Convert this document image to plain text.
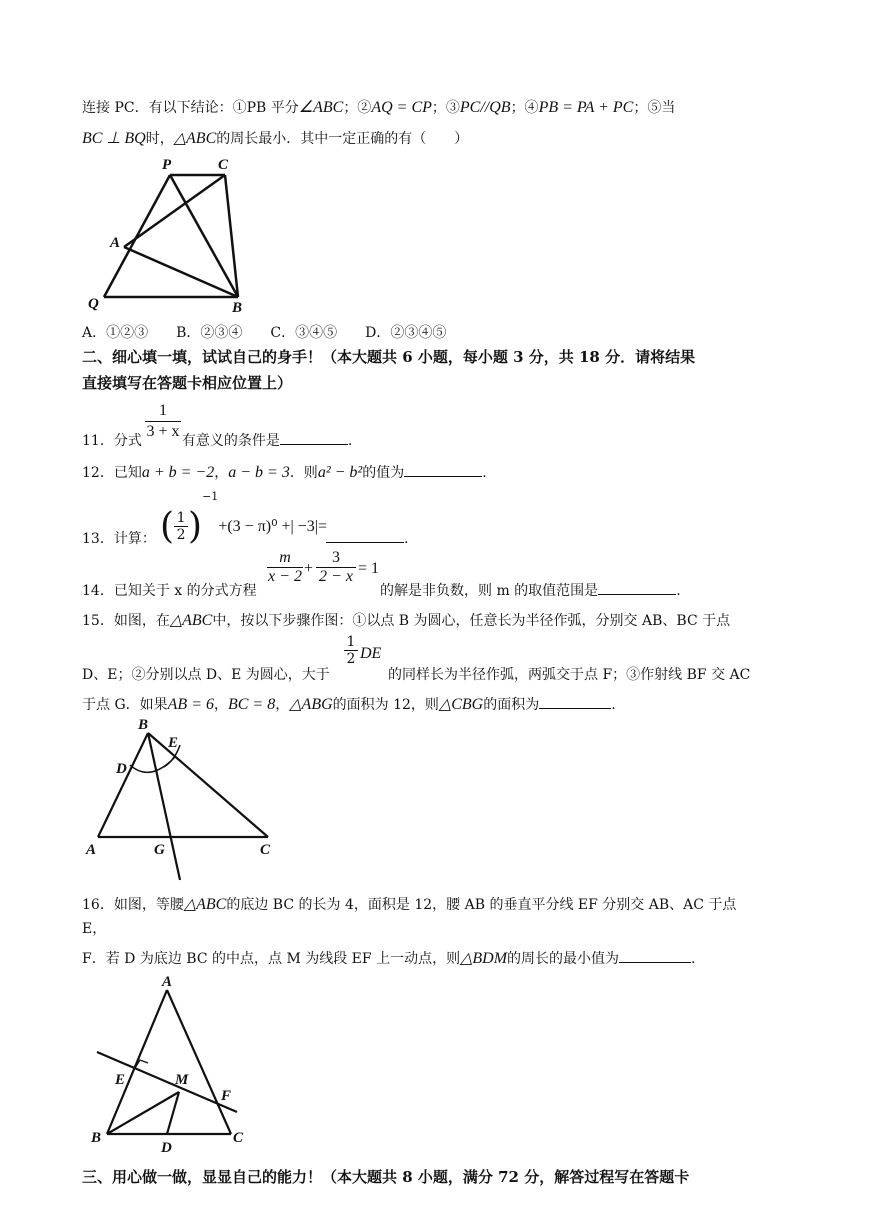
连接 PC．有以下结论：①PB 平分∠ABC；②AQ = CP；③PC//QB；④PB = PA + PC；⑤当
BC ⊥ BQ时，△ABC的周长最小．其中一定正确的有（　　）
P	C
A
Q	B
A．①②③　　B．②③④　　C．③④⑤　　D．②③④⑤
二、细心填一填，试试自己的身手！（本大题共 6 小题，每小题 3 分，共 18 分．请将结果
直接填写在答题卡相应位置上）
1
3 + x
11．分式	有意义的条件是	.
12．已知a + b = −2，a − b = 3．则a² − b²的值为	.
( $\frac{1}{2} )^{-1}+(3 - \pi)^0$ +| −3|=
13．计算：	.
m
x − 2 +
3
2 − x = 1
14．已知关于 x 的分式方程	的解是非负数，则 m 的取值范围是	.
15．如图，在△ABC中，按以下步骤作图：①以点 B 为圆心，任意长为半径作弧，分别交 AB、BC 于点
$\frac{1}{2}$ DE
D、E；②分别以点 D、E 为圆心，大于	的同样长为半径作弧，两弧交于点 F；③作射线 BF 交 AC
于点 G．如果AB = 6，BC = 8，△ABG的面积为 12，则△CBG的面积为	.
B
E
D
A	G	C
16．如图，等腰△ABC的底边 BC 的长为 4，面积是 12，腰 AB 的垂直平分线 EF 分别交 AB、AC 于点
E，
F．若 D 为底边 BC 的中点，点 M 为线段 EF 上一动点，则△BDM的周长的最小值为	.
A
E	M
F
B
D
C
三、用心做一做，显显自己的能力！（本大题共 8 小题，满分 72 分，解答过程写在答题卡
